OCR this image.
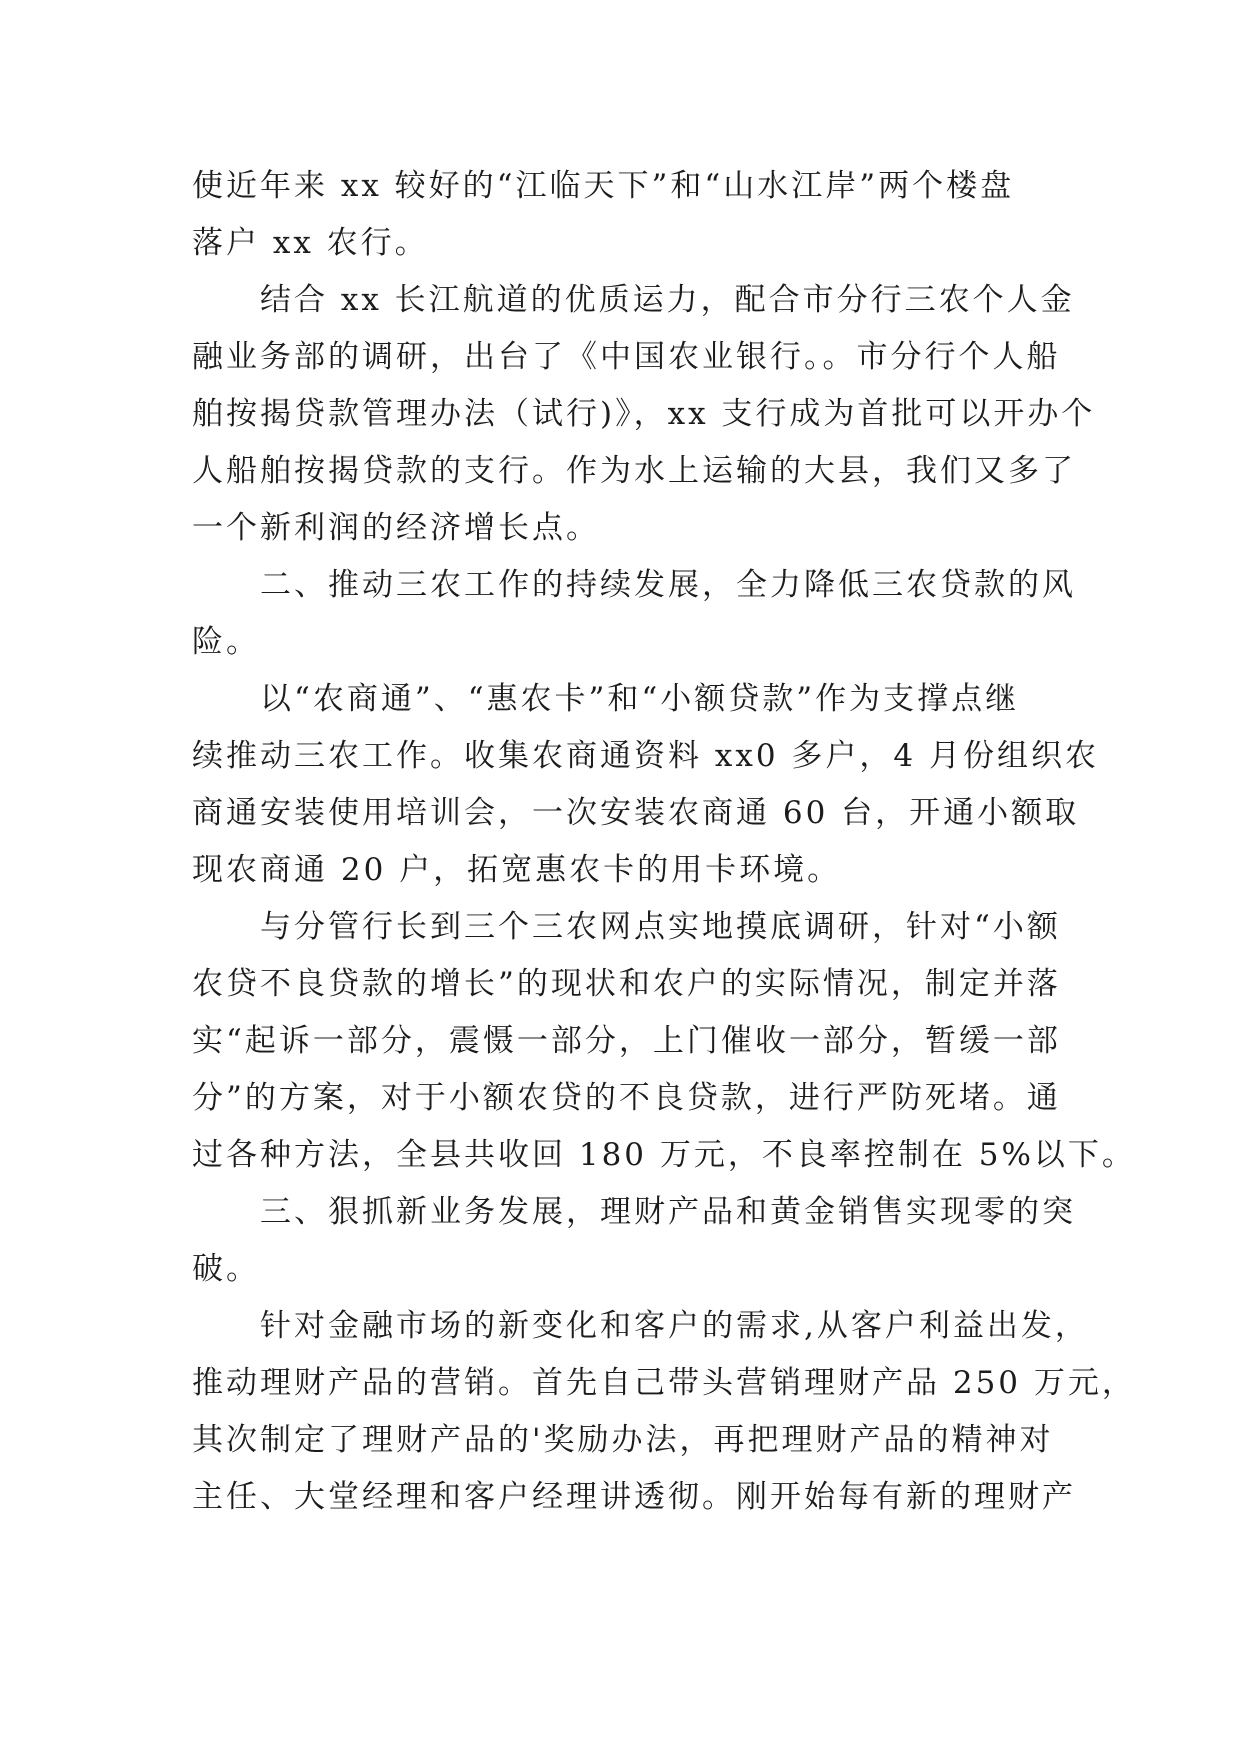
使近年来 xx 较好的“江临天下”和“山水江岸”两个楼盘
落户 xx 农行。

结合 xx 长江航道的优质运力，配合市分行三农个人金
融业务部的调研，出台了《中国农业银行。。市分行个人船
舶按揭贷款管理办法（试行)》，xx 支行成为首批可以开办个
人船舶按揭贷款的支行。作为水上运输的大县，我们又多了
一个新利润的经济增长点。

二、推动三农工作的持续发展，全力降低三农贷款的风
险。

以“农商通”、“惠农卡”和“小额贷款”作为支撑点继
续推动三农工作。收集农商通资料 xx0 多户，4 月份组织农
商通安装使用培训会，一次安装农商通 60 台，开通小额取
现农商通 20 户，拓宽惠农卡的用卡环境。

与分管行长到三个三农网点实地摸底调研，针对“小额
农贷不良贷款的增长”的现状和农户的实际情况，制定并落
实“起诉一部分，震慑一部分，上门催收一部分，暂缓一部
分”的方案，对于小额农贷的不良贷款，进行严防死堵。通
过各种方法，全县共收回 180 万元，不良率控制在 5%以下。

三、狠抓新业务发展，理财产品和黄金销售实现零的突
破。

针对金融市场的新变化和客户的需求,从客户利益出发，
推动理财产品的营销。首先自己带头营销理财产品 250 万元，
其次制定了理财产品的'奖励办法，再把理财产品的精神对
主任、大堂经理和客户经理讲透彻。刚开始每有新的理财产
